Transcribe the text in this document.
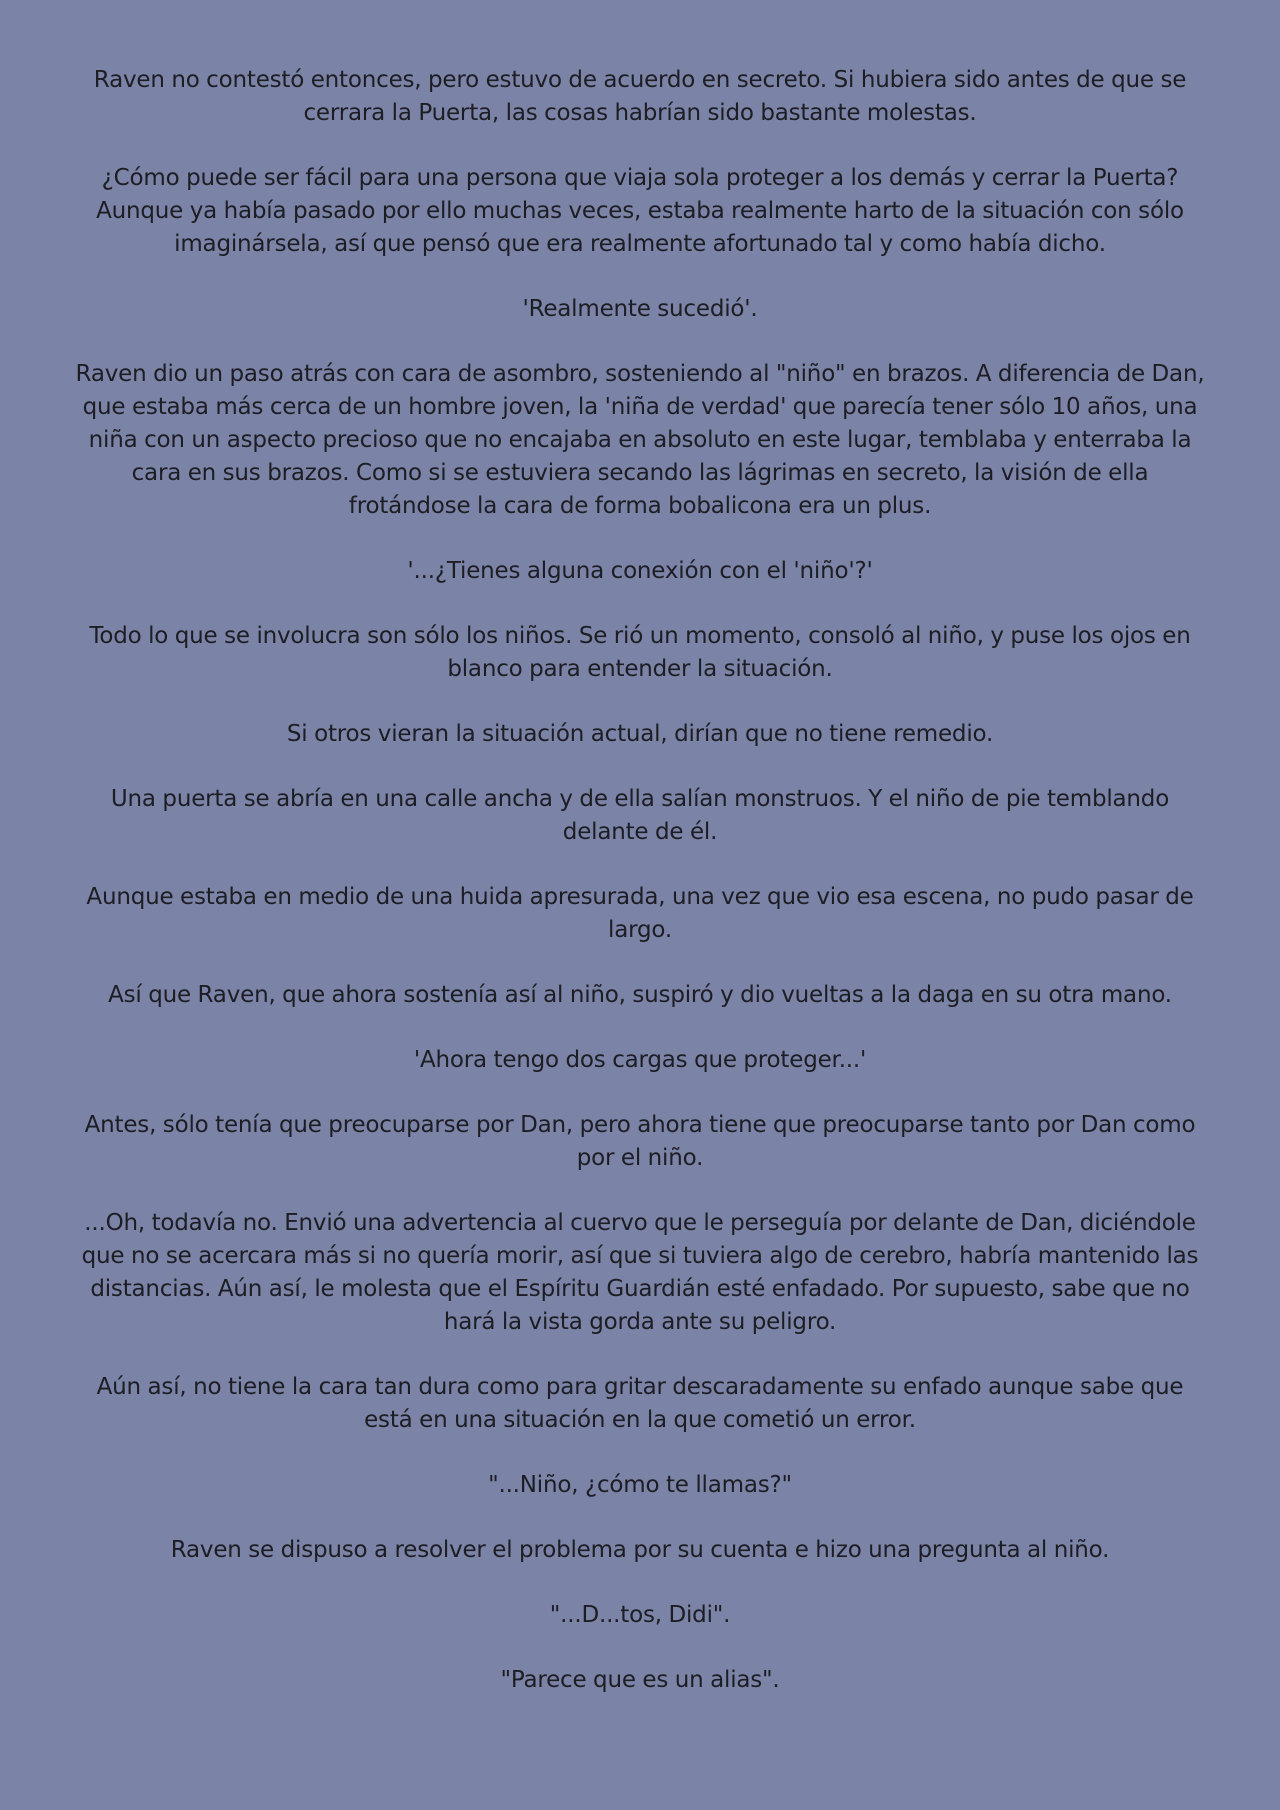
Raven no contestó entonces, pero estuvo de acuerdo en secreto. Si hubiera sido antes de que se cerrara la Puerta, las cosas habrían sido bastante molestas.

¿Cómo puede ser fácil para una persona que viaja sola proteger a los demás y cerrar la Puerta? Aunque ya había pasado por ello muchas veces, estaba realmente harto de la situación con sólo imaginársela, así que pensó que era realmente afortunado tal y como había dicho.

'Realmente sucedió'.

Raven dio un paso atrás con cara de asombro, sosteniendo al "niño" en brazos. A diferencia de Dan, que estaba más cerca de un hombre joven, la 'niña de verdad' que parecía tener sólo 10 años, una niña con un aspecto precioso que no encajaba en absoluto en este lugar, temblaba y enterraba la cara en sus brazos. Como si se estuviera secando las lágrimas en secreto, la visión de ella frotándose la cara de forma bobalicona era un plus.

'...¿Tienes alguna conexión con el 'niño'?'

Todo lo que se involucra son sólo los niños. Se rió un momento, consoló al niño, y puse los ojos en blanco para entender la situación.

Si otros vieran la situación actual, dirían que no tiene remedio.

Una puerta se abría en una calle ancha y de ella salían monstruos. Y el niño de pie temblando delante de él.

Aunque estaba en medio de una huida apresurada, una vez que vio esa escena, no pudo pasar de largo.

Así que Raven, que ahora sostenía así al niño, suspiró y dio vueltas a la daga en su otra mano.

'Ahora tengo dos cargas que proteger...'

Antes, sólo tenía que preocuparse por Dan, pero ahora tiene que preocuparse tanto por Dan como por el niño.

...Oh, todavía no. Envió una advertencia al cuervo que le perseguía por delante de Dan, diciéndole que no se acercara más si no quería morir, así que si tuviera algo de cerebro, habría mantenido las distancias. Aún así, le molesta que el Espíritu Guardián esté enfadado. Por supuesto, sabe que no hará la vista gorda ante su peligro.

Aún así, no tiene la cara tan dura como para gritar descaradamente su enfado aunque sabe que está en una situación en la que cometió un error.

"...Niño, ¿cómo te llamas?"

Raven se dispuso a resolver el problema por su cuenta e hizo una pregunta al niño.

"...D...tos, Didi".

"Parece que es un alias".
